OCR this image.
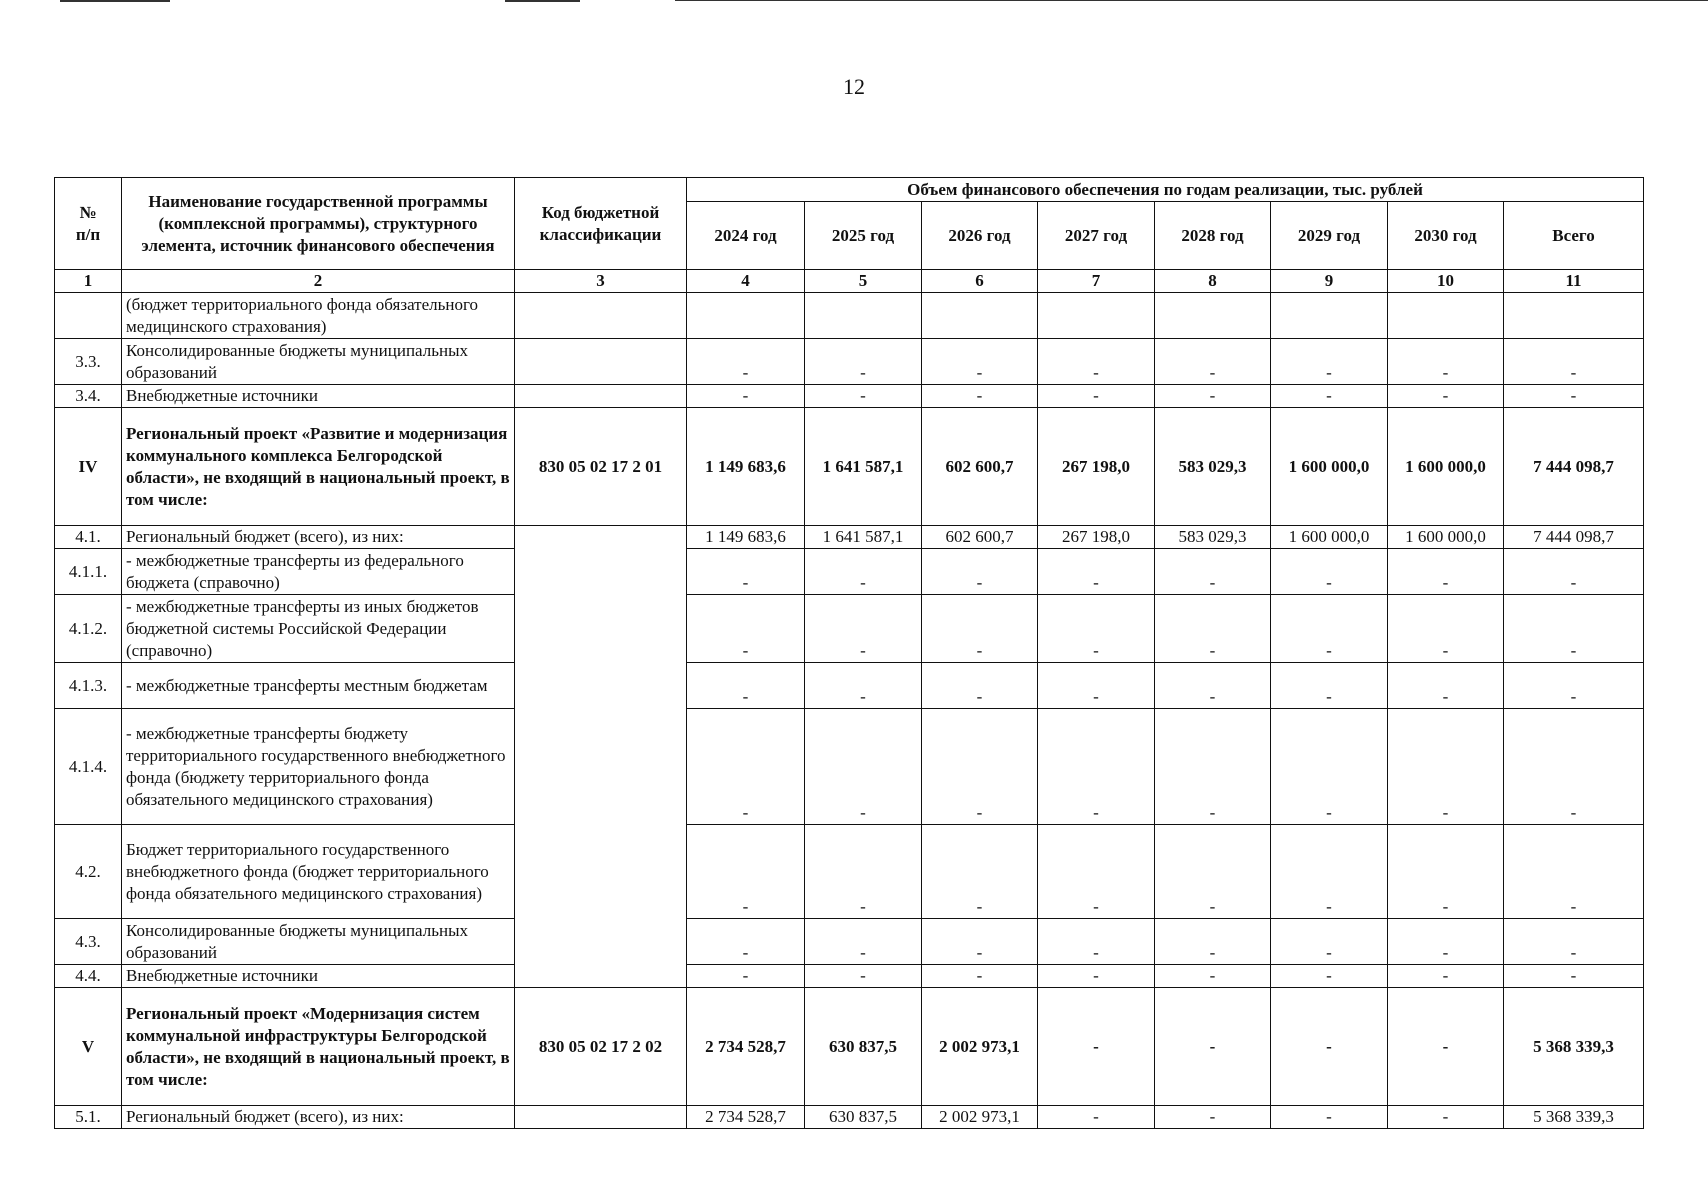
12
№
п/п	Наименование государственной программы (комплексной программы), структурного элемента, источник финансового обеспечения	Код бюджетной классификации	Объем финансового обеспечения по годам реализации, тыс. рублей							
			2024 год	2025 год	2026 год	2027 год	2028 год	2029 год	2030 год	Всего
1	2	3	4	5	6	7	8	9	10	11
	(бюджет территориального фонда обязательного медицинского страхования)									
3.3.	Консолидированные бюджеты муниципальных образований		-	-	-	-	-	-	-	-
3.4.	Внебюджетные источники		-	-	-	-	-	-	-	-
IV	Региональный проект «Развитие и модернизация коммунального комплекса Белгородской области», не входящий в национальный проект, в том числе:	830 05 02 17 2 01	1 149 683,6	1 641 587,1	602 600,7	267 198,0	583 029,3	1 600 000,0	1 600 000,0	7 444 098,7
4.1.	Региональный бюджет (всего), из них:		1 149 683,6	1 641 587,1	602 600,7	267 198,0	583 029,3	1 600 000,0	1 600 000,0	7 444 098,7
4.1.1.	- межбюджетные трансферты из федерального бюджета (справочно)		-	-	-	-	-	-	-	-
4.1.2.	- межбюджетные трансферты из иных бюджетов бюджетной системы Российской Федерации (справочно)		-	-	-	-	-	-	-	-
4.1.3.	- межбюджетные трансферты местным бюджетам		-	-	-	-	-	-	-	-
4.1.4.	- межбюджетные трансферты бюджету территориального государственного внебюджетного фонда (бюджету территориального фонда обязательного медицинского страхования)		-	-	-	-	-	-	-	-
4.2.	Бюджет территориального государственного внебюджетного фонда (бюджет территориального фонда обязательного медицинского страхования)		-	-	-	-	-	-	-	-
4.3.	Консолидированные бюджеты муниципальных образований		-	-	-	-	-	-	-	-
4.4.	Внебюджетные источники		-	-	-	-	-	-	-	-
V	Региональный проект «Модернизация систем коммунальной инфраструктуры Белгородской области», не входящий в национальный проект, в том числе:	830 05 02 17 2 02	2 734 528,7	630 837,5	2 002 973,1	-	-	-	-	5 368 339,3
5.1.	Региональный бюджет (всего), из них:		2 734 528,7	630 837,5	2 002 973,1	-	-	-	-	5 368 339,3
